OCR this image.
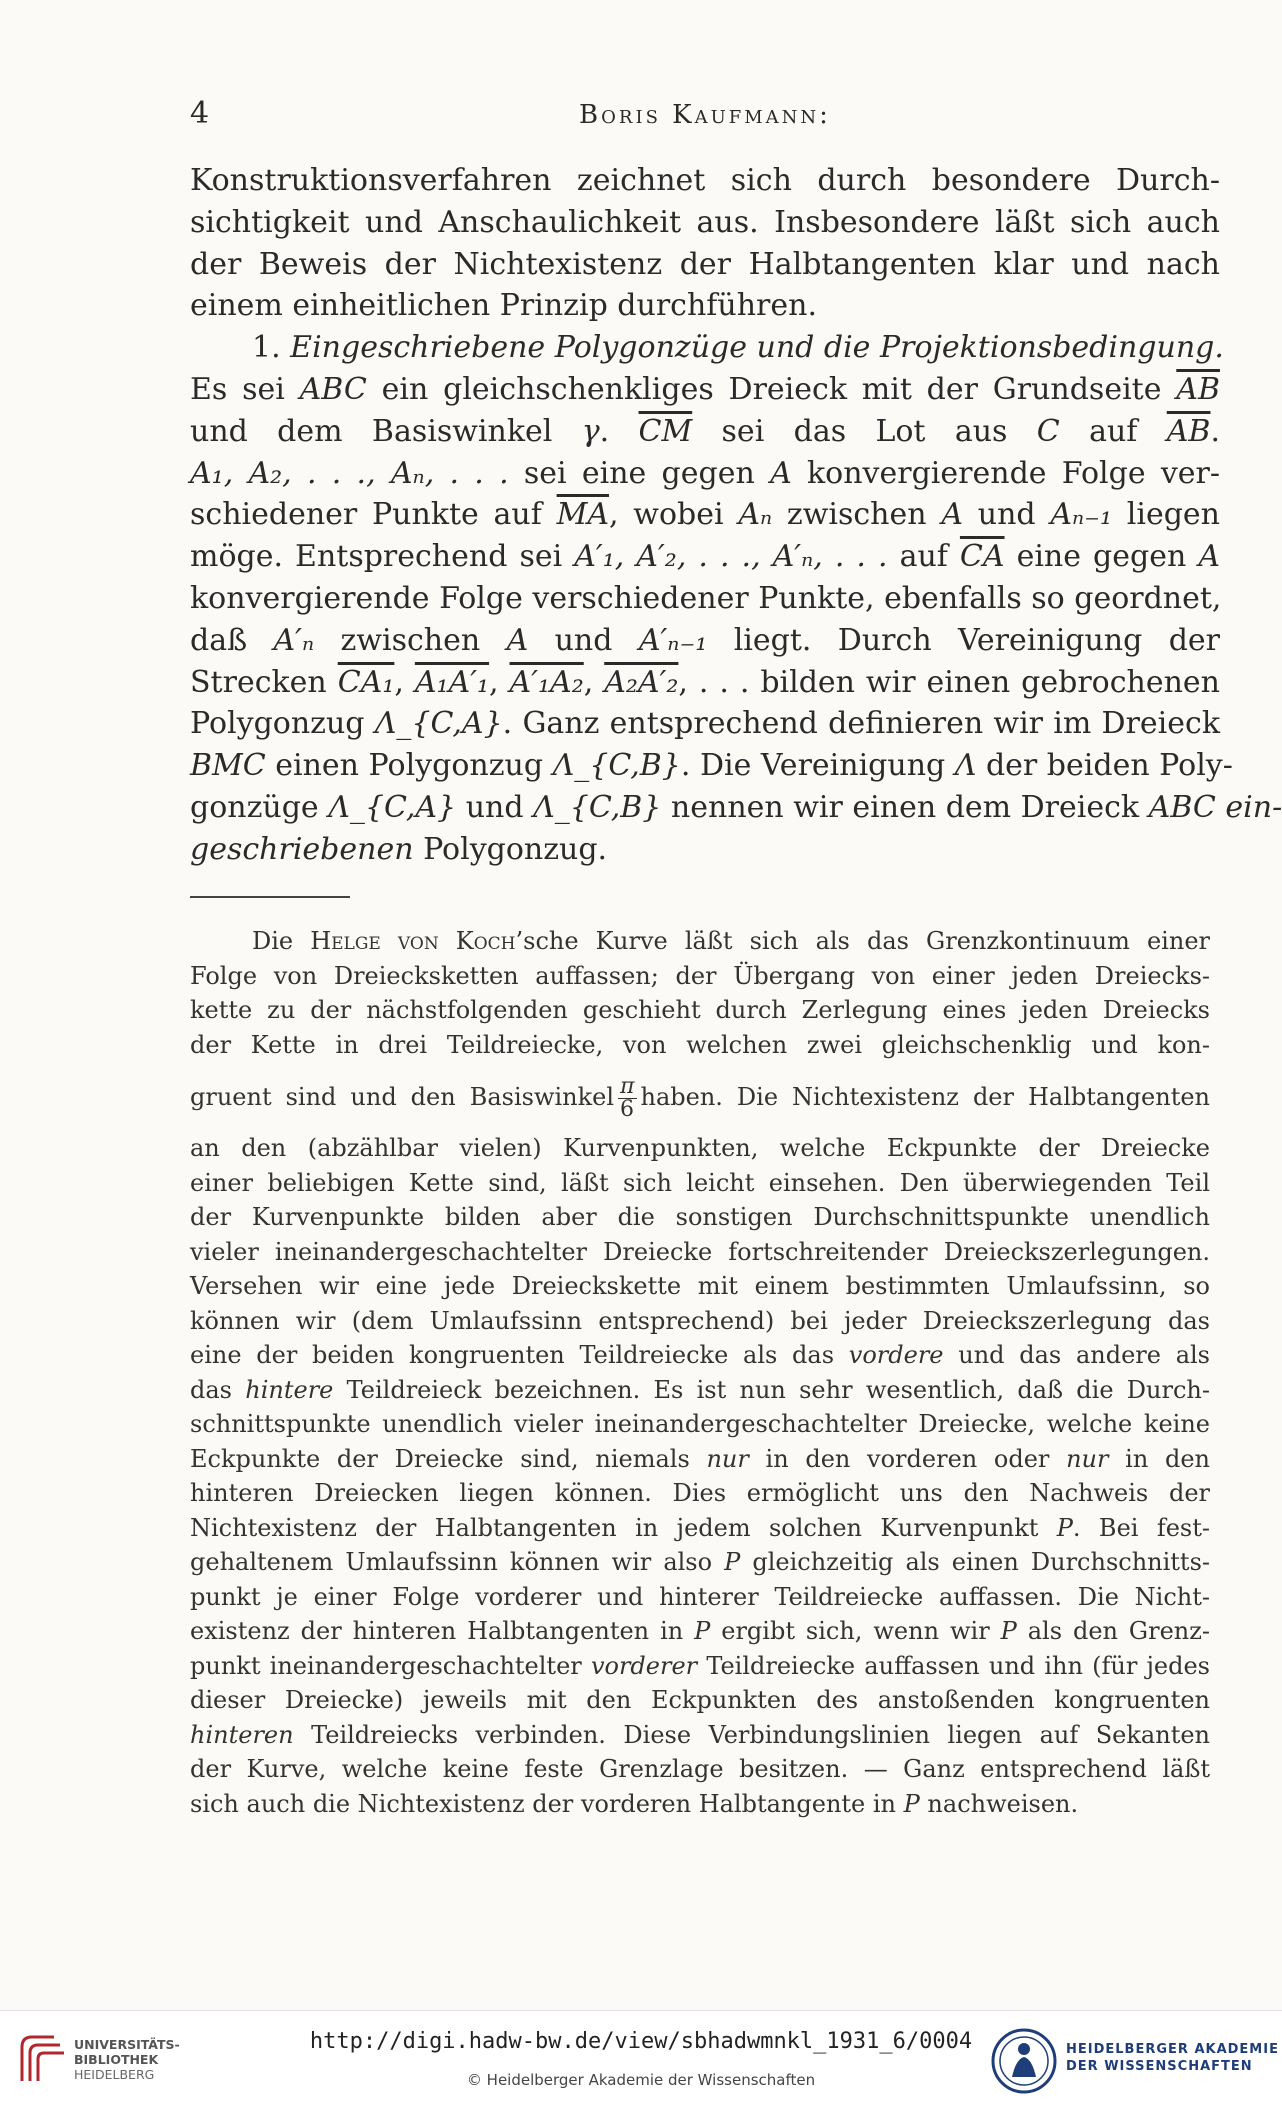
4	Boris Kaufmann:
Konstruktionsverfahren zeichnet sich durch besondere Durch-
sichtigkeit und Anschaulichkeit aus. Insbesondere läßt sich auch
der Beweis der Nichtexistenz der Halbtangenten klar und nach
einem einheitlichen Prinzip durchführen.
1. Eingeschriebene Polygonzüge und die Projektionsbedingung.
Es sei ABC ein gleichschenkliges Dreieck mit der Grundseite $\overline{AB}$
und dem Basiswinkel γ. $\overline{CM}$ sei das Lot aus C auf $\overline{AB}$.
A₁, A₂, . . ., Aₙ, . . . sei eine gegen A konvergierende Folge ver-
schiedener Punkte auf $\overline{MA}$, wobei Aₙ zwischen A und Aₙ₋₁ liegen
möge. Entsprechend sei A′₁, A′₂, . . ., A′ₙ, . . . auf $\overline{CA}$ eine gegen A
konvergierende Folge verschiedener Punkte, ebenfalls so geordnet,
daß A′ₙ zwischen A und A′ₙ₋₁ liegt. Durch Vereinigung der
Strecken CA₁, A₁A′₁, A′₁A₂, A₂A′₂, . . . bilden wir einen gebrochenen
Polygonzug Λ_{C,A}. Ganz entsprechend definieren wir im Dreieck
BMC einen Polygonzug Λ_{C,B}. Die Vereinigung Λ der beiden Poly-
gonzüge Λ_{C,A} und Λ_{C,B} nennen wir einen dem Dreieck ABC ein-
geschriebenen Polygonzug.
Die Helge von Koch’sche Kurve läßt sich als das Grenzkontinuum einer
Folge von Dreiecksketten auffassen; der Übergang von einer jeden Dreiecks-
kette zu der nächstfolgenden geschieht durch Zerlegung eines jeden Dreiecks
der Kette in drei Teildreiecke, von welchen zwei gleichschenklig und kon-
gruent sind und den Basiswinkel $\frac{\pi}{6}$ haben. Die Nichtexistenz der Halbtangenten
an den (abzählbar vielen) Kurvenpunkten, welche Eckpunkte der Dreiecke
einer beliebigen Kette sind, läßt sich leicht einsehen. Den überwiegenden Teil
der Kurvenpunkte bilden aber die sonstigen Durchschnittspunkte unendlich
vieler ineinandergeschachtelter Dreiecke fortschreitender Dreieckszerlegungen.
Versehen wir eine jede Dreieckskette mit einem bestimmten Umlaufssinn, so
können wir (dem Umlaufssinn entsprechend) bei jeder Dreieckszerlegung das
eine der beiden kongruenten Teildreiecke als das vordere und das andere als
das hintere Teildreieck bezeichnen. Es ist nun sehr wesentlich, daß die Durch-
schnittspunkte unendlich vieler ineinandergeschachtelter Dreiecke, welche keine
Eckpunkte der Dreiecke sind, niemals nur in den vorderen oder nur in den
hinteren Dreiecken liegen können. Dies ermöglicht uns den Nachweis der
Nichtexistenz der Halbtangenten in jedem solchen Kurvenpunkt P. Bei fest-
gehaltenem Umlaufssinn können wir also P gleichzeitig als einen Durchschnitts-
punkt je einer Folge vorderer und hinterer Teildreiecke auffassen. Die Nicht-
existenz der hinteren Halbtangenten in P ergibt sich, wenn wir P als den Grenz-
punkt ineinandergeschachtelter vorderer Teildreiecke auffassen und ihn (für jedes
dieser Dreiecke) jeweils mit den Eckpunkten des anstoßenden kongruenten
hinteren Teildreiecks verbinden. Diese Verbindungslinien liegen auf Sekanten
der Kurve, welche keine feste Grenzlage besitzen. — Ganz entsprechend läßt
sich auch die Nichtexistenz der vorderen Halbtangente in P nachweisen.
UNIVERSITÄTS-
BIBLIOTHEK
HEIDELBERG
http://digi.hadw-bw.de/view/sbhadwmnkl_1931_6/0004
© Heidelberger Akademie der Wissenschaften
HEIDELBERGER AKADEMIE
DER WISSENSCHAFTEN
